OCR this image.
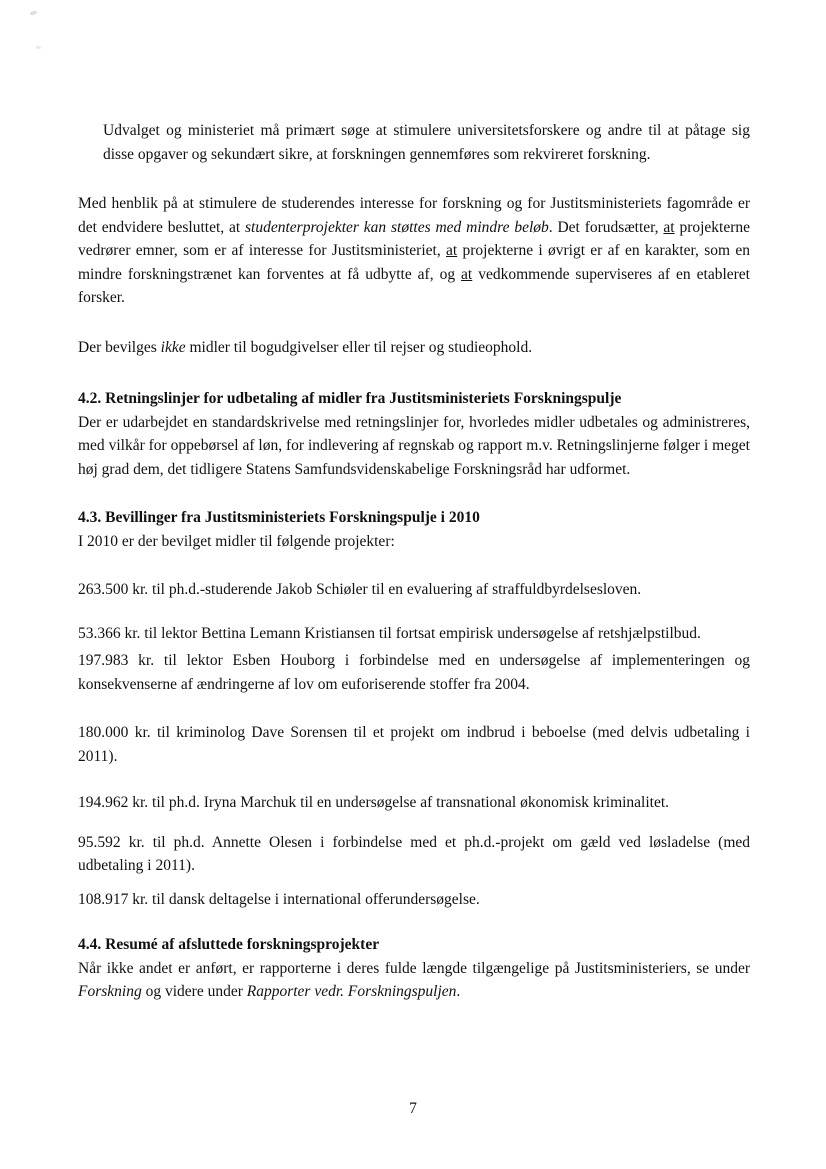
Udvalget og ministeriet må primært søge at stimulere universitetsforskere og andre til at påtage sig disse opgaver og sekundært sikre, at forskningen gennemføres som rekvireret forskning.

Med henblik på at stimulere de studerendes interesse for forskning og for Justitsministeriets fagområde er det endvidere besluttet, at studenterprojekter kan støttes med mindre beløb. Det forudsætter, at projekterne vedrører emner, som er af interesse for Justitsministeriet, at projekterne i øvrigt er af en karakter, som en mindre forskningstrænet kan forventes at få udbytte af, og at vedkommende superviseres af en etableret forsker.

Der bevilges ikke midler til bogudgivelser eller til rejser og studieophold.

4.2. Retningslinjer for udbetaling af midler fra Justitsministeriets Forskningspulje

Der er udarbejdet en standardskrivelse med retningslinjer for, hvorledes midler udbetales og administreres, med vilkår for oppebørsel af løn, for indlevering af regnskab og rapport m.v. Retningslinjerne følger i meget høj grad dem, det tidligere Statens Samfundsvidenskabelige Forskningsråd har udformet.

4.3. Bevillinger fra Justitsministeriets Forskningspulje i 2010

I 2010 er der bevilget midler til følgende projekter:

263.500 kr. til ph.d.-studerende Jakob Schiøler til en evaluering af straffuldbyrdelsesloven.

53.366 kr. til lektor Bettina Lemann Kristiansen til fortsat empirisk undersøgelse af retshjælpstilbud.

197.983 kr. til lektor Esben Houborg i forbindelse med en undersøgelse af implementeringen og konsekvenserne af ændringerne af lov om euforiserende stoffer fra 2004.

180.000 kr. til kriminolog Dave Sorensen til et projekt om indbrud i beboelse (med delvis udbetaling i 2011).

194.962 kr. til ph.d. Iryna Marchuk til en undersøgelse af transnational økonomisk kriminalitet.

95.592 kr. til ph.d. Annette Olesen i forbindelse med et ph.d.-projekt om gæld ved løsladelse (med udbetaling i 2011).

108.917 kr. til dansk deltagelse i international offerundersøgelse.

4.4. Resumé af afsluttede forskningsprojekter

Når ikke andet er anført, er rapporterne i deres fulde længde tilgængelige på Justitsministeriers, se under Forskning og videre under Rapporter vedr. Forskningspuljen.

7
